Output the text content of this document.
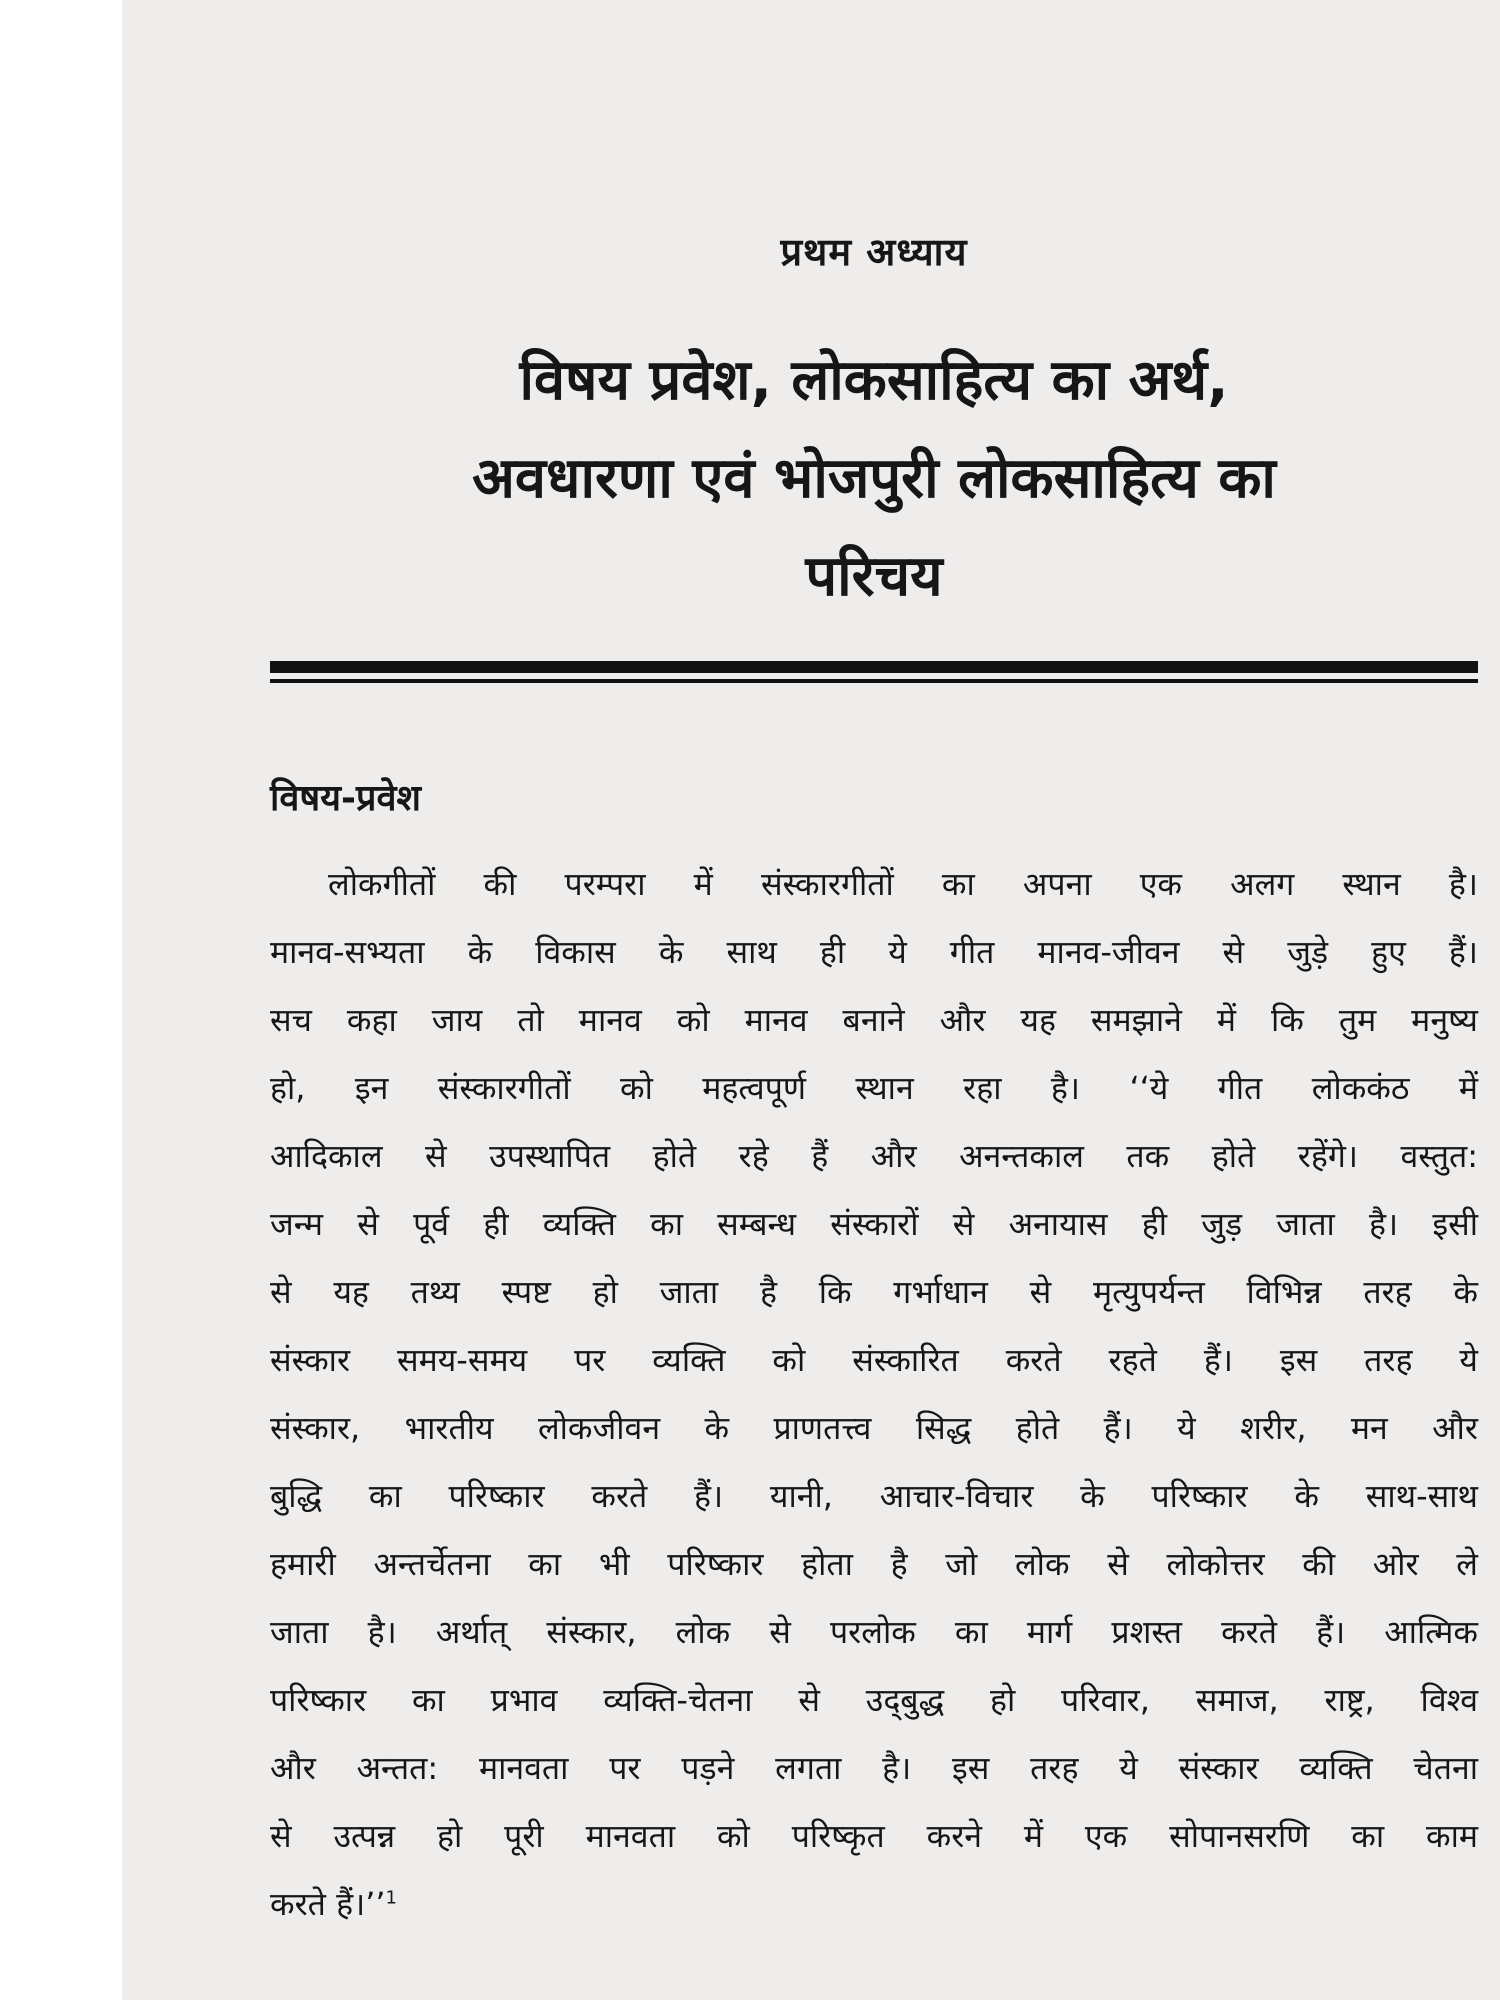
प्रथम अध्याय
विषय प्रवेश, लोकसाहित्य का अर्थ,
अवधारणा एवं भोजपुरी लोकसाहित्य का
परिचय
विषय-प्रवेश
लोकगीतों की परम्परा में संस्कारगीतों का अपना एक अलग स्थान है।
मानव-सभ्यता के विकास के साथ ही ये गीत मानव-जीवन से जुड़े हुए हैं।
सच कहा जाय तो मानव को मानव बनाने और यह समझाने में कि तुम मनुष्य
हो, इन संस्कारगीतों को महत्वपूर्ण स्थान रहा है। ‘‘ये गीत लोककंठ में
आदिकाल से उपस्थापित होते रहे हैं और अनन्तकाल तक होते रहेंगे। वस्तुत:
जन्म से पूर्व ही व्यक्ति का सम्बन्ध संस्कारों से अनायास ही जुड़ जाता है। इसी
से यह तथ्य स्पष्ट हो जाता है कि गर्भाधान से मृत्युपर्यन्त विभिन्न तरह के
संस्कार समय-समय पर व्यक्ति को संस्कारित करते रहते हैं। इस तरह ये
संस्कार, भारतीय लोकजीवन के प्राणतत्त्व सिद्ध होते हैं। ये शरीर, मन और
बुद्धि का परिष्कार करते हैं। यानी, आचार-विचार के परिष्कार के साथ-साथ
हमारी अन्तर्चेतना का भी परिष्कार होता है जो लोक से लोकोत्तर की ओर ले
जाता है। अर्थात् संस्कार, लोक से परलोक का मार्ग प्रशस्त करते हैं। आत्मिक
परिष्कार का प्रभाव व्यक्ति-चेतना से उद्‌बुद्ध हो परिवार, समाज, राष्ट्र, विश्व
और अन्तत: मानवता पर पड़ने लगता है। इस तरह ये संस्कार व्यक्ति चेतना
से उत्पन्न हो पूरी मानवता को परिष्कृत करने में एक सोपानसरणि का काम
करते हैं।’’$^1$
